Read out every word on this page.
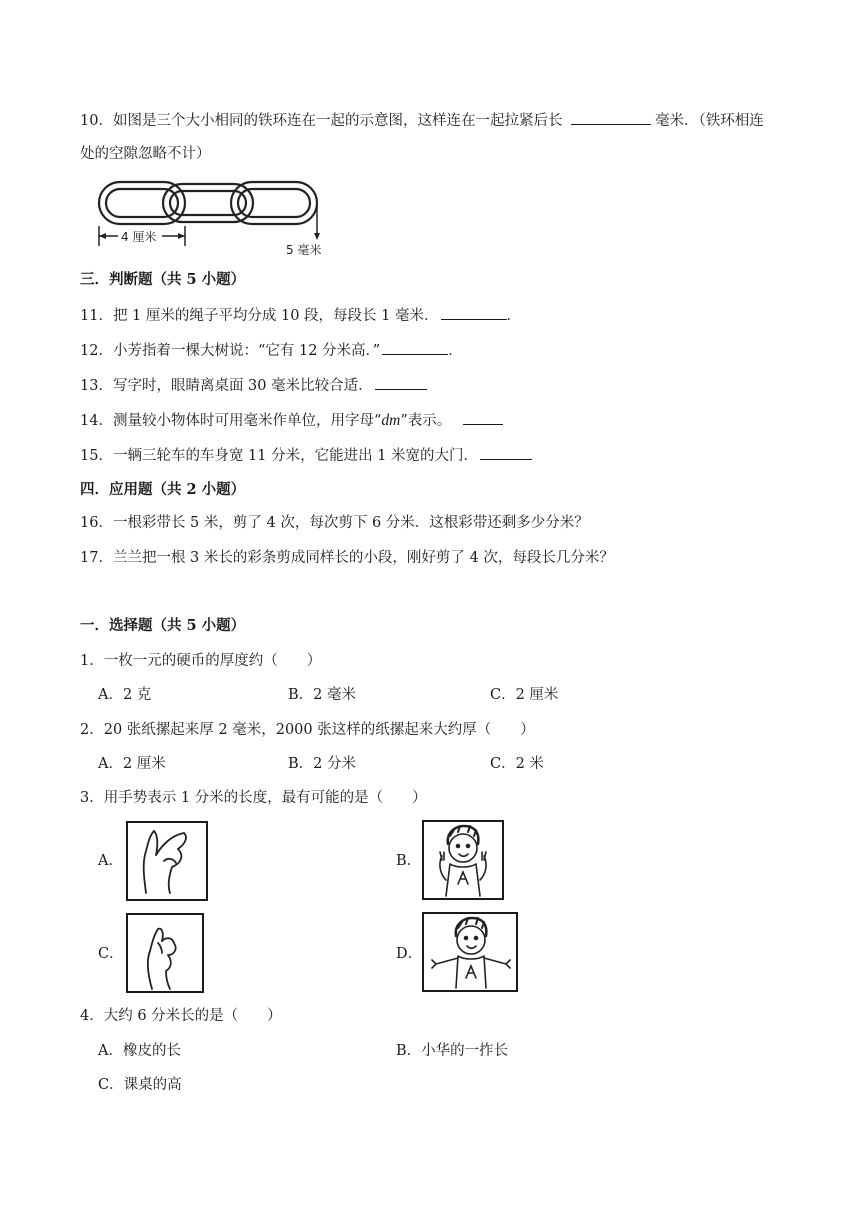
10．如图是三个大小相同的铁环连在一起的示意图，这样连在一起拉紧后长	毫米．（铁环相连
处的空隙忽略不计）
4 厘米
5 毫米
三．判断题（共 5 小题）
11．把 1 厘米的绳子平均分成 10 段，每段长 1 毫米．	．
12．小芳指着一棵大树说：“它有 12 分米高．”	．
13．写字时，眼睛离桌面 30 毫米比较合适．
14．测量较小物体时可用毫米作单位，用字母“dm”表示。
15．一辆三轮车的车身宽 11 分米，它能进出 1 米宽的大门．
四．应用题（共 2 小题）
16．一根彩带长 5 米，剪了 4 次，每次剪下 6 分米．这根彩带还剩多少分米？
17．兰兰把一根 3 米长的彩条剪成同样长的小段，刚好剪了 4 次，每段长几分米？
一．选择题（共 5 小题）
1．一枚一元的硬币的厚度约（　　）
A．2 克	B．2 毫米	C．2 厘米
2．20 张纸摞起来厚 2 毫米，2000 张这样的纸摞起来大约厚（　　）
A．2 厘米	B．2 分米	C．2 米
3．用手势表示 1 分米的长度，最有可能的是（　　）
A．	B．
C．	D．
4．大约 6 分米长的是（　　）
A．橡皮的长	B．小华的一拃长
C．课桌的高
